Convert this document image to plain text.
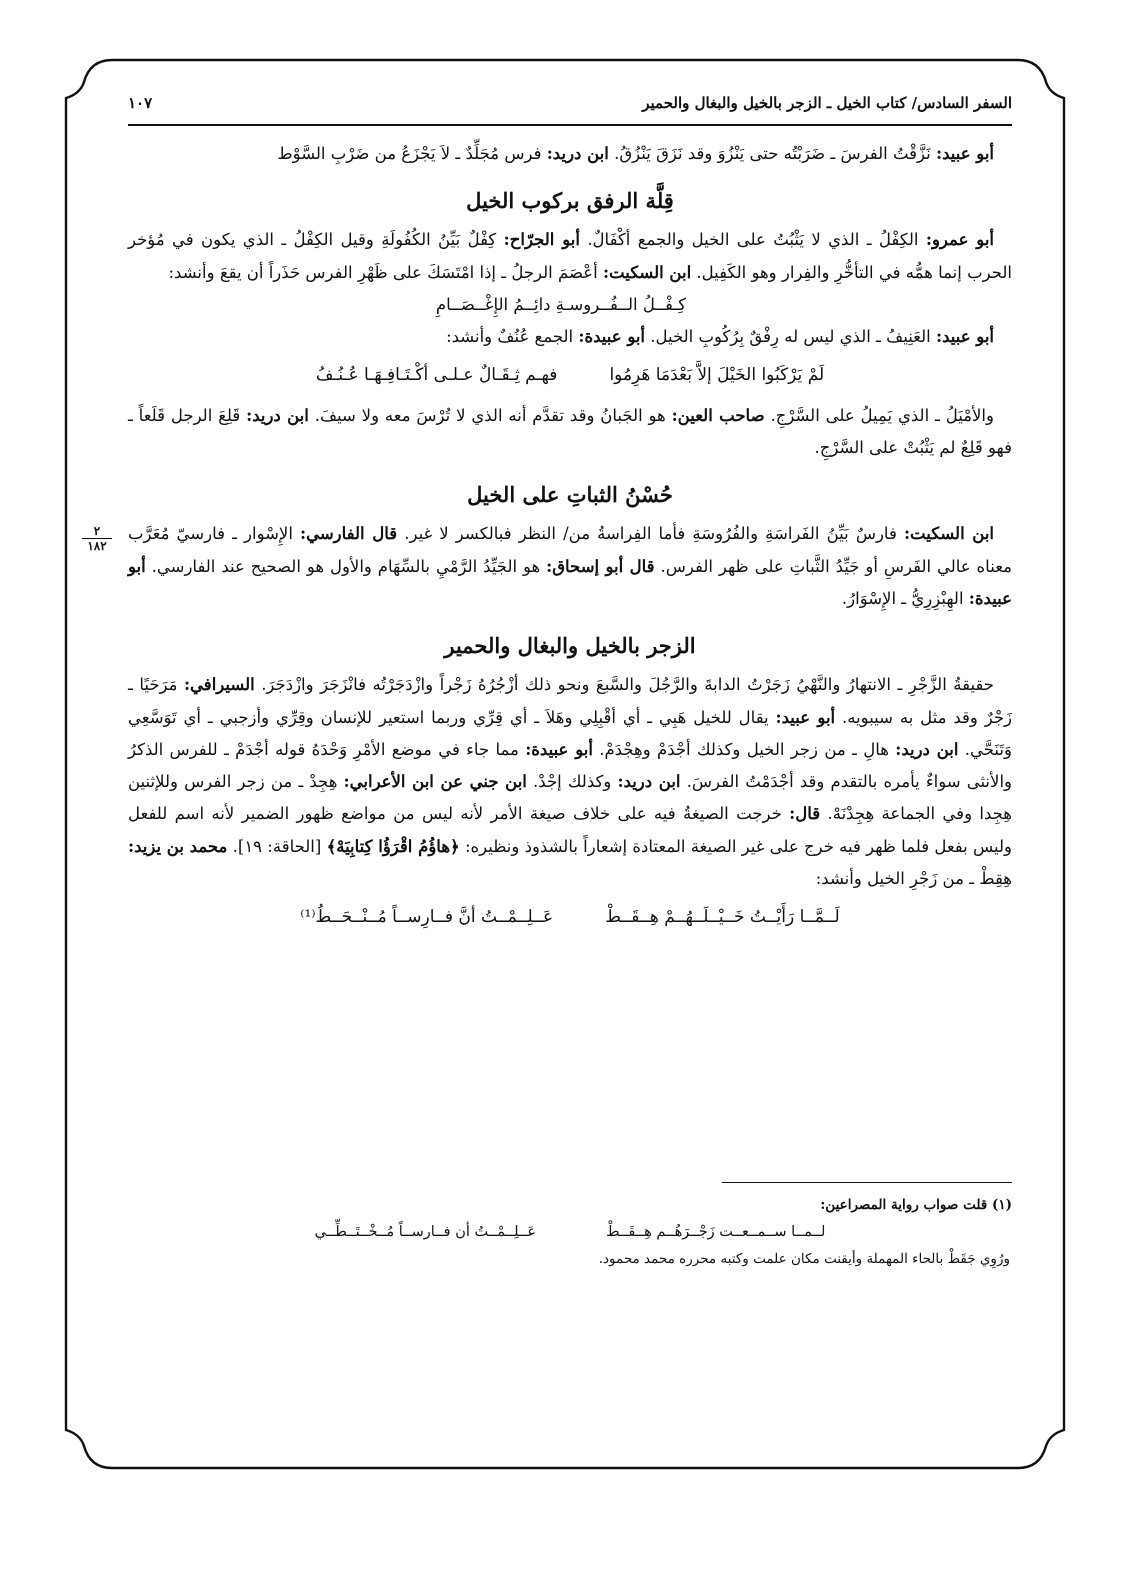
السفر السادس/ كتاب الخيل ـ الزجر بالخيل والبغال والحمير
١٠٧

أبو عبيد: نَزَّقْتُ الفرسَ ـ ضَرَبْتُه حتى يَنْزُوَ وقد نَزَقَ يَنْزُقُ. ابن دريد: فرس مُجَلِّدٌ ـ لاَ يَجْزَعُ من ضَرْبِ السَّوْط

قِلَّة الرفق بركوب الخيل

أبو عمرو: الكِفْلُ ـ الذي لا يَثْبُتُ على الخيل والجمع أكْفَالٌ. أبو الجرّاح: كِفْلٌ بَيِّنُ الكُفُولَةِ وقيل الكِفْلُ ـ الذي يكون في مُؤخر الحرب إنما همُّه في التأخُّرِ والفِرار وهو الكَفِيل. ابن السكيت: أعْصَمَ الرجلُ ـ إذا امْتَسَكَ على ظَهْرِ الفرس حَذَراً أن يقعَ وأنشد:

كِـفْــلُ الــفُــروسـةِ دائِــمُ الإِغْــصَــامِ

أبو عبيد: العَنِيفُ ـ الذي ليس له رِفْقٌ بِرُكُوبِ الخيل. أبو عبيدة: الجمع عُنُفٌ وأنشد:

لَمْ يَرْكَبُوا الخَيْلَ إلاَّ بَعْدَمَا هَرِمُوا
فهـم ثِـقَـالٌ عـلـى أكْـتَـافِـهَـا عُـنُـفُ

والأمْيَلُ ـ الذي يَمِيلُ على السَّرْجِ. صاحب العين: هو الجَبانُ وقد تقدَّم أنه الذي لا تُرْسَ معه ولا سيفَ. ابن دريد: قَلِعَ الرجل قَلَعاً ـ فهو قَلِعٌ لم يَثْبُتْ على السَّرْجِ.

حُسْنُ الثباتِ على الخيل
٢
١٨٢

ابن السكيت: فارسٌ بَيِّنُ الفَراسَةِ والفُرُوسَةِ فأما الفِراسةُ من/ النظر فبالكسر لا غير. قال الفارسي: الإِسْوار ـ فارسيّ مُعَرَّب معناه عالي الفَرسِ أو جَيِّدُ الثَّباتِ على ظهر الفرس. قال أبو إسحاق: هو الجَيِّدُ الرَّمْيِ بالسِّهَام والأول هو الصحيح عند الفارسي. أبو عبيدة: الهِبْزِرِيُّ ـ الإِسْوَارُ.

الزجر بالخيل والبغال والحمير

حقيقةُ الزَّجْرِ ـ الانتهارُ والنَّهْيُ زَجَرْتُ الدابةَ والرَّجُلَ والسَّبعَ ونحو ذلك أزْجُرُهُ زَجْراً وازْدَجَرْتُه فانْزَجَرَ وازْدَجَرَ. السيرافي: مَرَحَيًا ـ زَجْرٌ وقد مثل به سيبويه. أبو عبيد: يقال للخيل هَبِي ـ أي أقْبِلِي وهَلاَ ـ أي قِرِّي وربما استعير للإنسان وقِرِّي وأزجبي ـ أي تَوَسَّعِي وَتَنَحَّي. ابن دريد: هالِ ـ من زجر الخيل وكذلك أجْدَمْ وهِجْدَمْ. أبو عبيدة: مما جاء في موضع الأمْرِ وَحْدَهُ قوله أجْدَمْ ـ للفرس الذكرُ والأنثى سواءٌ يأمره بالتقدم وقد أجْدَمْتُ الفرسَ. ابن دريد: وكذلك إجْدْ. ابن جني عن ابن الأعرابي: هِجِدْ ـ من زجر الفرس وللإثنين هِجِدا وفي الجماعة هِجِدْنَهْ. قال: خرجت الصيغةُ فيه على خلاف صيغة الأمر لأنه ليس من مواضع ظهور الضمير لأنه اسم للفعل وليس بفعل فلما ظهر فيه خرج على غير الصيغة المعتادة إشعاراً بالشذوذ ونظيره: ﴿هاؤُمُ اقْرَؤُا كِتابِيَهْ﴾ [الحاقة: ١٩]. محمد بن يزيد: هِقِطْ ـ من زَجْرِ الخيل وأنشد:

لَــمَّــا رَأَيْــتُ خَــيْــلَــهُــمْ هِــقَــطْ
عَــلِــمْــتُ أنَّ فــارِســاً مُــنْــحَــطُ⁽¹⁾

(١) قلت صواب رواية المصراعين:

لــمــا ســمــعــت زَجْــرَهُــم هِــقَــطْ
عَــلِــمْــتُ أن فــارســاً مُــخْــتَــطِّــي

ورُوِي جَقَطْ بالحاء المهملة وأيقنت مكان علمت وكتبه محرره محمد محمود.
